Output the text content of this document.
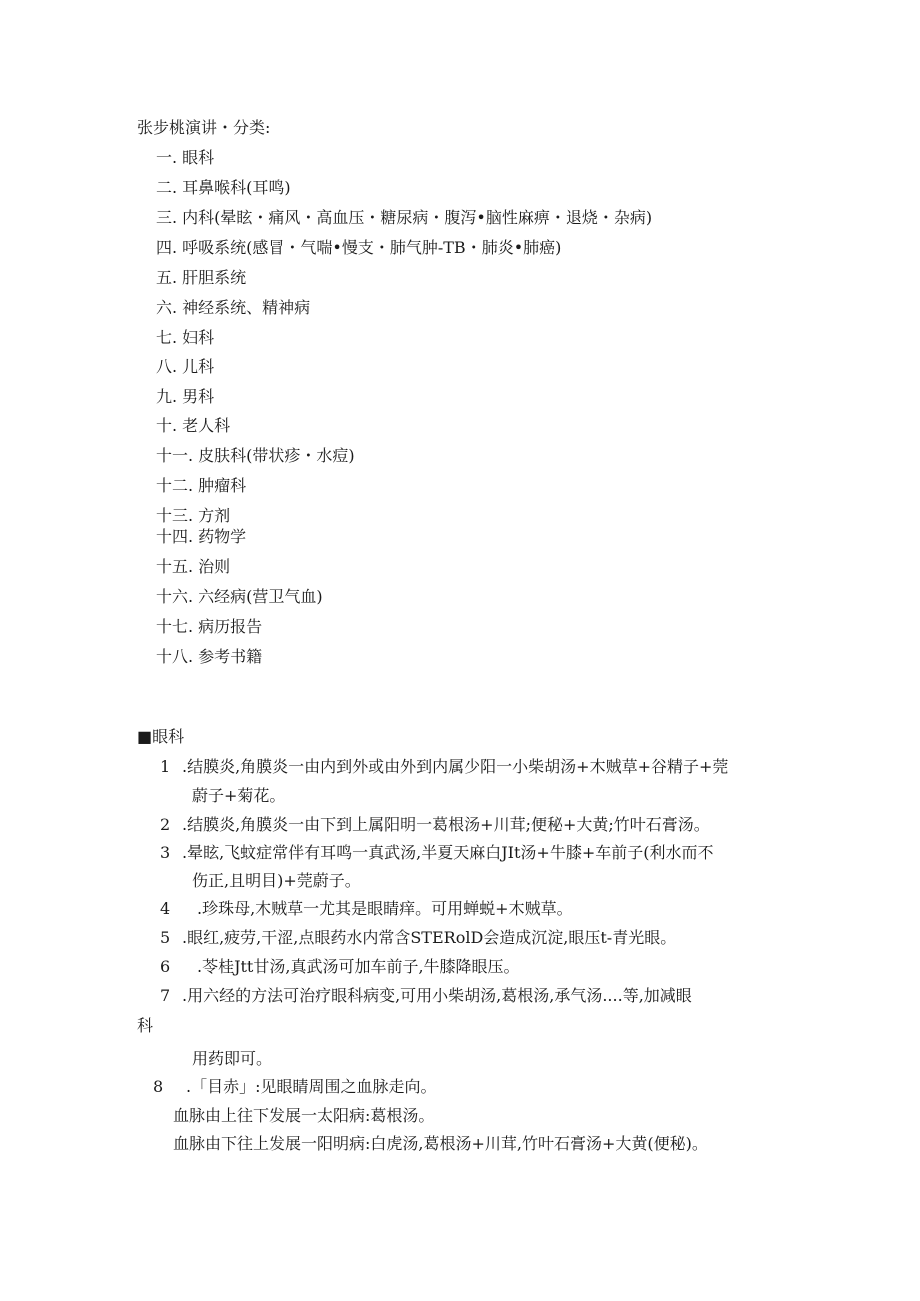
张步桃演讲・分类:
一. 眼科
二. 耳鼻喉科(耳鸣)
三. 内科(晕眩・痛风・高血压・糖尿病・腹泻•脑性麻痹・退烧・杂病)
四. 呼吸系统(感冒・气喘•慢支・肺气肿-TB・肺炎•肺癌)
五. 肝胆系统
六. 神经系统、精神病
七. 妇科
八. 儿科
九. 男科
十. 老人科
十一. 皮肤科(带状疹・水痘)
十二. 肿瘤科
十三. 方剂
十四. 药物学
十五. 治则
十六. 六经病(营卫气血)
十七. 病历报告
十八. 参考书籍
■眼科
1 .结膜炎,角膜炎一由内到外或由外到内属少阳一小柴胡汤+木贼草+谷精子+莞
蔚子+菊花。
2 .结膜炎,角膜炎一由下到上属阳明一葛根汤+川茸;便秘+大黄;竹叶石膏汤。
3 .晕眩,飞蚊症常伴有耳鸣一真武汤,半夏天麻白JIt汤+牛膝+车前子(利水而不
伤正,且明目)+莞蔚子。
4 .珍珠母,木贼草一尤其是眼睛痒。可用蝉蜕+木贼草。
5 .眼红,疲劳,干涩,点眼药水内常含STERolD会造成沉淀,眼压t-青光眼。
6 .苓桂Jtt甘汤,真武汤可加车前子,牛膝降眼压。
7 .用六经的方法可治疗眼科病变,可用小柴胡汤,葛根汤,承气汤....等,加减眼
科
用药即可。
8 .「目赤」:见眼睛周围之血脉走向。
血脉由上往下发展一太阳病:葛根汤。
血脉由下往上发展一阳明病:白虎汤,葛根汤+川茸,竹叶石膏汤+大黄(便秘)。
